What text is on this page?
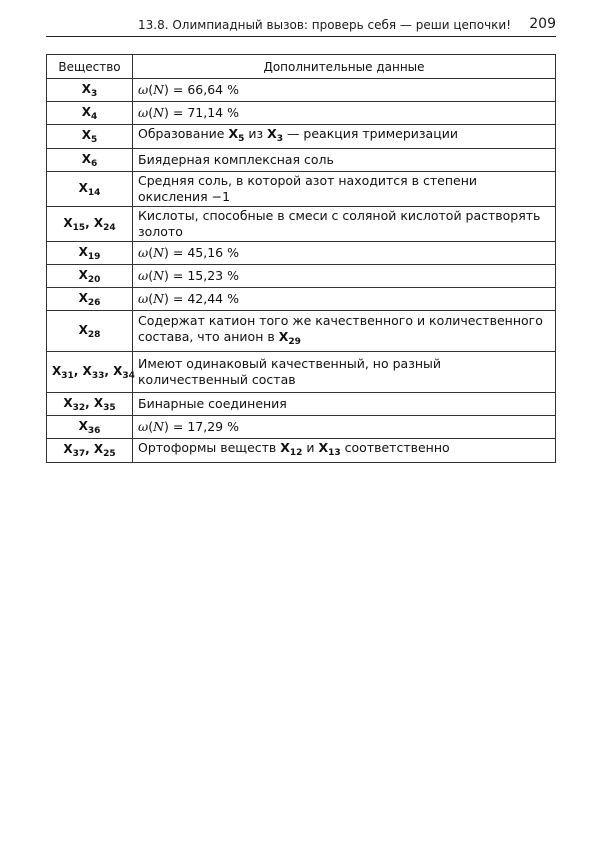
13.8. Олимпиадный вызов: проверь себя — реши цепочки! 209
Вещество	Дополнительные данные
$X_3$	ω(N) = 66,64 %
$X_4$	ω(N) = 71,14 %
$X_5$	Образование $X_5$ из $X_3$ — реакция тримеризации
$X_6$	Биядерная комплексная соль
$X_{14}$	Средняя соль, в которой азот находится в степени окисления −1
$X_{15}$, $X_{24}$	Кислоты, способные в смеси с соляной кислотой растворять золото
$X_{19}$	ω(N) = 45,16 %
$X_{20}$	ω(N) = 15,23 %
$X_{26}$	ω(N) = 42,44 %
$X_{28}$	Содержат катион того же качественного и количественного состава, что анион в $X_{29}$
$X_{31}$, $X_{33}$, $X_{34}$	Имеют одинаковый качественный, но разный количественный состав
$X_{32}$, $X_{35}$	Бинарные соединения
$X_{36}$	ω(N) = 17,29 %
$X_{37}$, $X_{25}$	Ортоформы веществ $X_{12}$ и $X_{13}$ соответственно
